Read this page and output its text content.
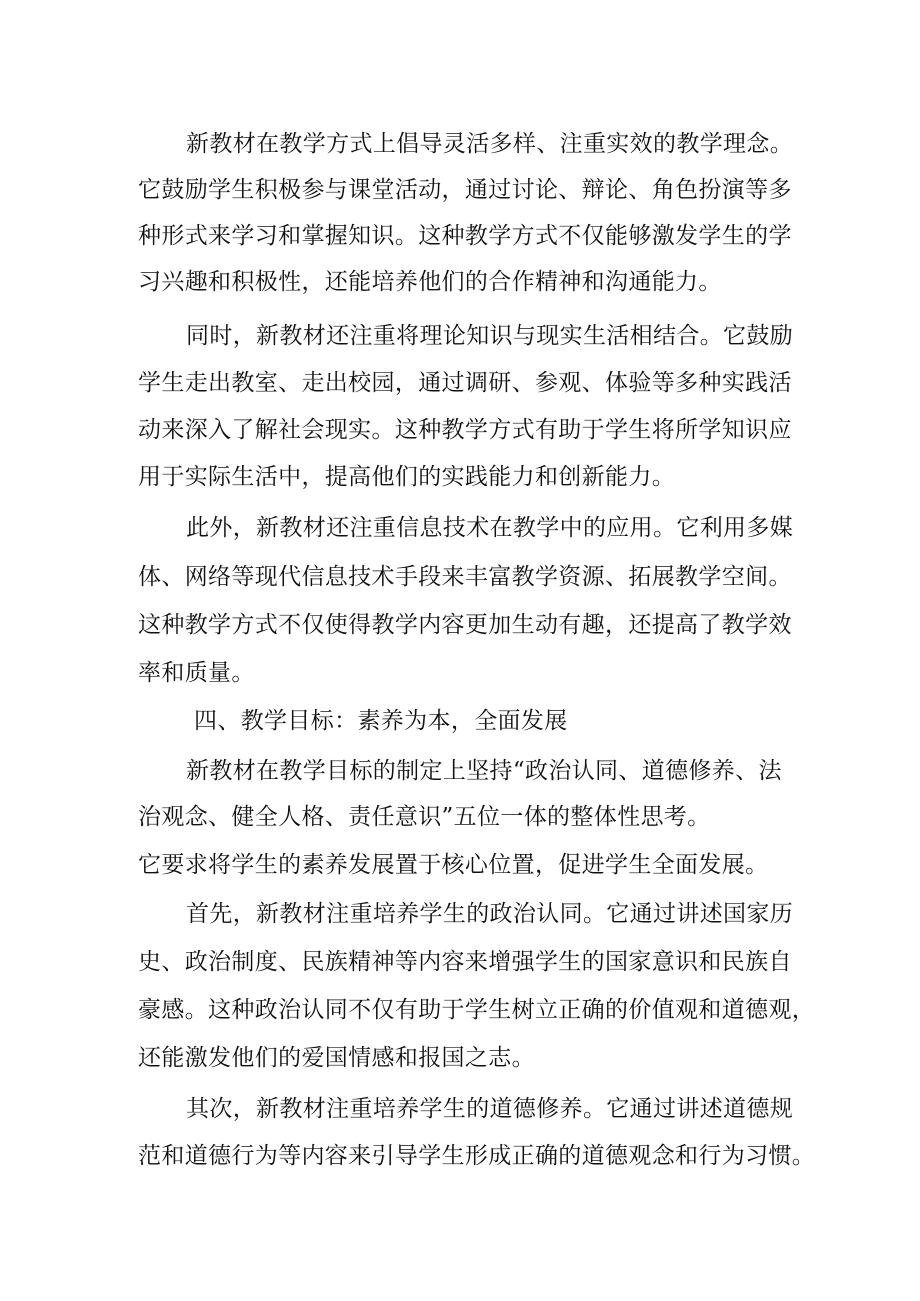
新教材在教学方式上倡导灵活多样、注重实效的教学理念。
它鼓励学生积极参与课堂活动，通过讨论、辩论、角色扮演等多
种形式来学习和掌握知识。这种教学方式不仅能够激发学生的学
习兴趣和积极性，还能培养他们的合作精神和沟通能力。
同时，新教材还注重将理论知识与现实生活相结合。它鼓励
学生走出教室、走出校园，通过调研、参观、体验等多种实践活
动来深入了解社会现实。这种教学方式有助于学生将所学知识应
用于实际生活中，提高他们的实践能力和创新能力。
此外，新教材还注重信息技术在教学中的应用。它利用多媒
体、网络等现代信息技术手段来丰富教学资源、拓展教学空间。
这种教学方式不仅使得教学内容更加生动有趣，还提高了教学效
率和质量。
四、教学目标：素养为本，全面发展
新教材在教学目标的制定上坚持“政治认同、道德修养、法
治观念、健全人格、责任意识”五位一体的整体性思考。
它要求将学生的素养发展置于核心位置，促进学生全面发展。
首先，新教材注重培养学生的政治认同。它通过讲述国家历
史、政治制度、民族精神等内容来增强学生的国家意识和民族自
豪感。这种政治认同不仅有助于学生树立正确的价值观和道德观，
还能激发他们的爱国情感和报国之志。
其次，新教材注重培养学生的道德修养。它通过讲述道德规
范和道德行为等内容来引导学生形成正确的道德观念和行为习惯。
